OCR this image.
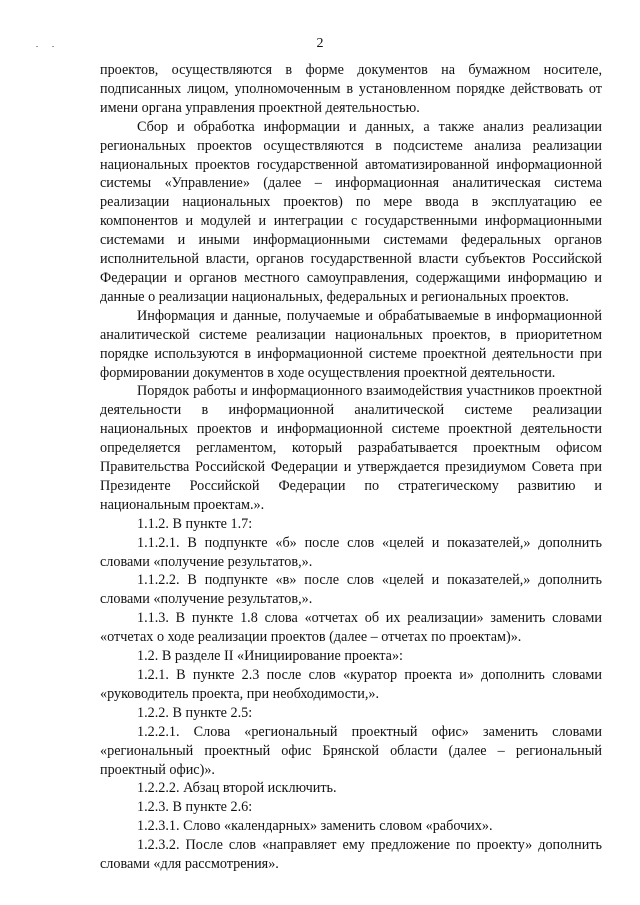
2

проектов, осуществляются в форме документов на бумажном носителе, подписанных лицом, уполномоченным в установленном порядке действовать от имени органа управления проектной деятельностью.

Сбор и обработка информации и данных, а также анализ реализации региональных проектов осуществляются в подсистеме анализа реализации национальных проектов государственной автоматизированной информационной системы «Управление» (далее – информационная аналитическая система реализации национальных проектов) по мере ввода в эксплуатацию ее компонентов и модулей и интеграции с государственными информационными системами и иными информационными системами федеральных органов исполнительной власти, органов государственной власти субъектов Российской Федерации и органов местного самоуправления, содержащими информацию и данные о реализации национальных, федеральных и региональных проектов.

Информация и данные, получаемые и обрабатываемые в информационной аналитической системе реализации национальных проектов, в приоритетном порядке используются в информационной системе проектной деятельности при формировании документов в ходе осуществления проектной деятельности.

Порядок работы и информационного взаимодействия участников проектной деятельности в информационной аналитической системе реализации национальных проектов и информационной системе проектной деятельности определяется регламентом, который разрабатывается проектным офисом Правительства Российской Федерации и утверждается президиумом Совета при Президенте Российской Федерации по стратегическому развитию и национальным проектам.».

1.1.2. В пункте 1.7:

1.1.2.1. В подпункте «б» после слов «целей и показателей,» дополнить словами «получение результатов,».

1.1.2.2. В подпункте «в» после слов «целей и показателей,» дополнить словами «получение результатов,».

1.1.3. В пункте 1.8 слова «отчетах об их реализации» заменить словами «отчетах о ходе реализации проектов (далее – отчетах по проектам)».

1.2. В разделе II «Инициирование проекта»:

1.2.1. В пункте 2.3 после слов «куратор проекта и» дополнить словами «руководитель проекта, при необходимости,».

1.2.2. В пункте 2.5:

1.2.2.1. Слова «региональный проектный офис» заменить словами «региональный проектный офис Брянской области (далее – региональный проектный офис)».

1.2.2.2. Абзац второй исключить.

1.2.3. В пункте 2.6:

1.2.3.1. Слово «календарных» заменить словом «рабочих».

1.2.3.2. После слов «направляет ему предложение по проекту» дополнить словами «для рассмотрения».
